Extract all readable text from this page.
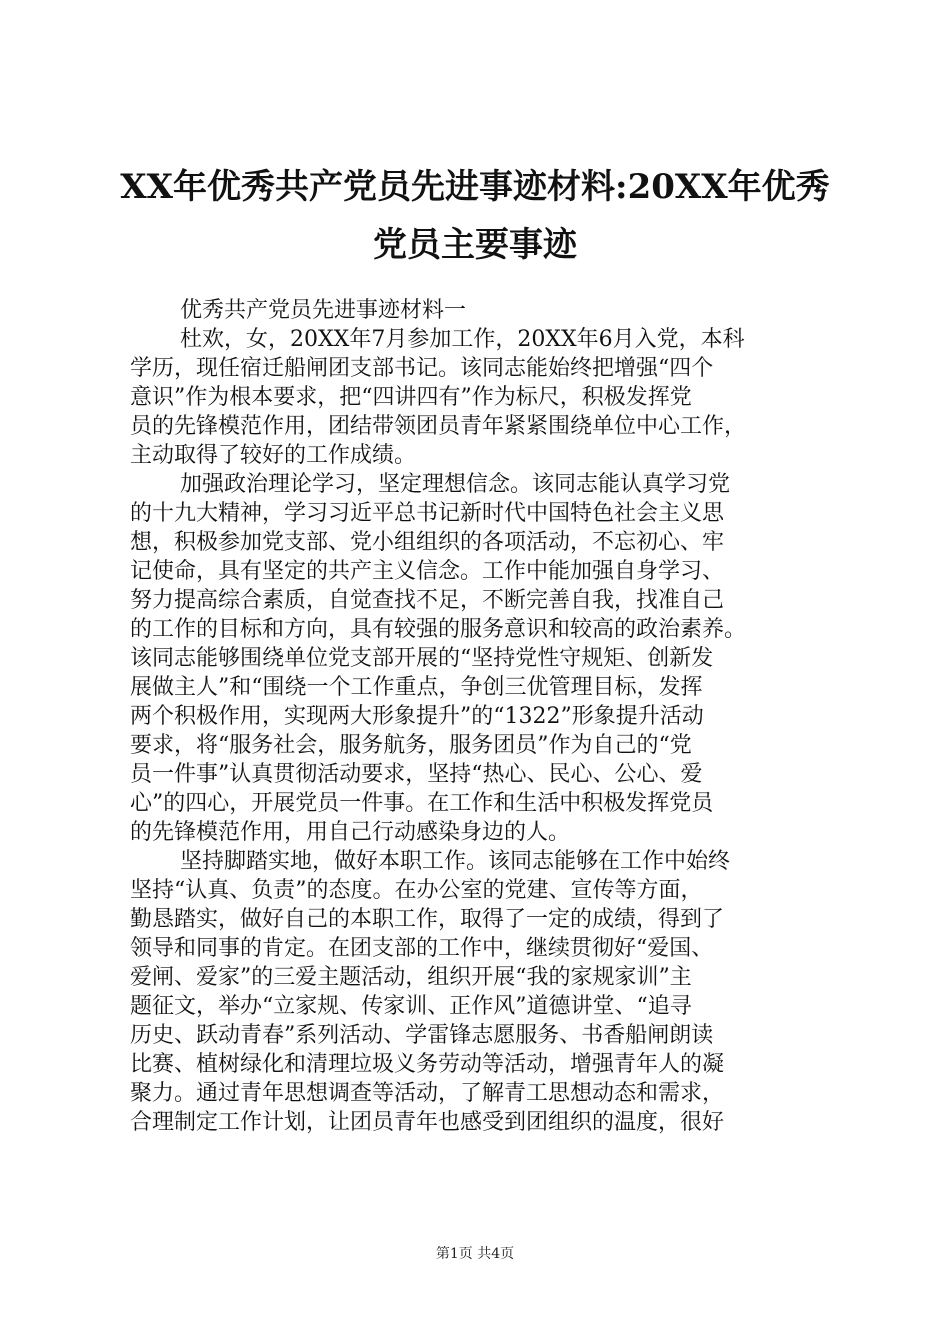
XX年优秀共产党员先进事迹材料:20XX年优秀
党员主要事迹
优秀共产党员先进事迹材料一
杜欢，女，20XX年7月参加工作，20XX年6月入党，本科
学历，现任宿迁船闸团支部书记。该同志能始终把增强“四个
意识”作为根本要求，把“四讲四有”作为标尺，积极发挥党
员的先锋模范作用，团结带领团员青年紧紧围绕单位中心工作，
主动取得了较好的工作成绩。
加强政治理论学习，坚定理想信念。该同志能认真学习党
的十九大精神，学习习近平总书记新时代中国特色社会主义思
想，积极参加党支部、党小组组织的各项活动，不忘初心、牢
记使命，具有坚定的共产主义信念。工作中能加强自身学习、
努力提高综合素质，自觉查找不足，不断完善自我，找准自己
的工作的目标和方向，具有较强的服务意识和较高的政治素养。
该同志能够围绕单位党支部开展的“坚持党性守规矩、创新发
展做主人”和“围绕一个工作重点，争创三优管理目标，发挥
两个积极作用，实现两大形象提升”的“1322”形象提升活动
要求，将“服务社会，服务航务，服务团员”作为自己的“党
员一件事”认真贯彻活动要求，坚持“热心、民心、公心、爱
心”的四心，开展党员一件事。在工作和生活中积极发挥党员
的先锋模范作用，用自己行动感染身边的人。
坚持脚踏实地，做好本职工作。该同志能够在工作中始终
坚持“认真、负责”的态度。在办公室的党建、宣传等方面，
勤恳踏实，做好自己的本职工作，取得了一定的成绩，得到了
领导和同事的肯定。在团支部的工作中，继续贯彻好“爱国、
爱闸、爱家”的三爱主题活动，组织开展“我的家规家训”主
题征文，举办“立家规、传家训、正作风”道德讲堂、“追寻
历史、跃动青春”系列活动、学雷锋志愿服务、书香船闸朗读
比赛、植树绿化和清理垃圾义务劳动等活动，增强青年人的凝
聚力。通过青年思想调查等活动，了解青工思想动态和需求，
合理制定工作计划，让团员青年也感受到团组织的温度，很好
第1页 共4页
